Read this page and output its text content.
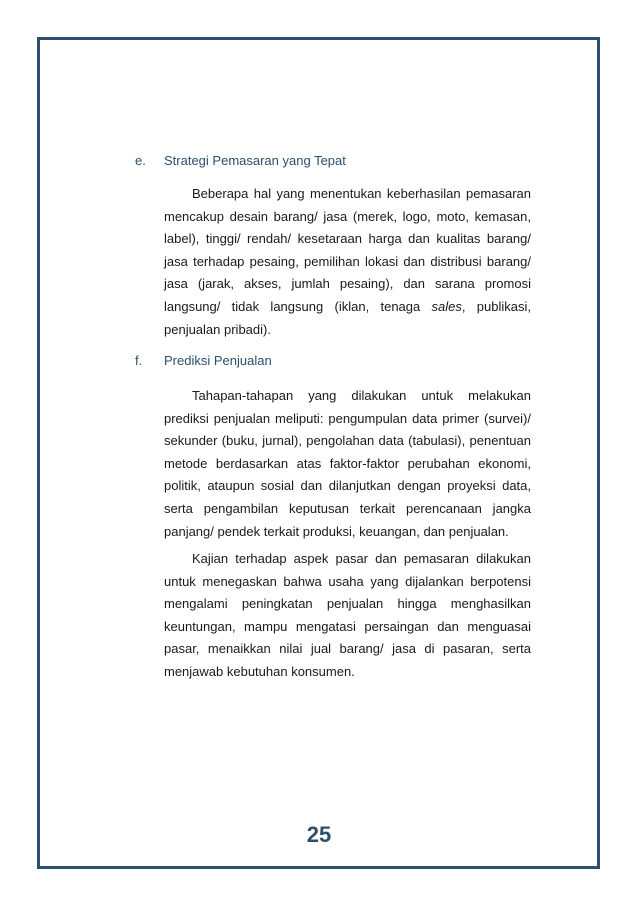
e. Strategi Pemasaran yang Tepat

Beberapa hal yang menentukan keberhasilan pemasaran mencakup desain barang/ jasa (merek, logo, moto, kemasan, label), tinggi/ rendah/ kesetaraan harga dan kualitas barang/ jasa terhadap pesaing, pemilihan lokasi dan distribusi barang/ jasa (jarak, akses, jumlah pesaing), dan sarana promosi langsung/ tidak langsung (iklan, tenaga sales, publikasi, penjualan pribadi).

f. Prediksi Penjualan

Tahapan-tahapan yang dilakukan untuk melakukan prediksi penjualan meliputi: pengumpulan data primer (survei)/ sekunder (buku, jurnal), pengolahan data (tabulasi), penentuan metode berdasarkan atas faktor-faktor perubahan ekonomi, politik, ataupun sosial dan dilanjutkan dengan proyeksi data, serta pengambilan keputusan terkait perencanaan jangka panjang/ pendek terkait produksi, keuangan, dan penjualan.

Kajian terhadap aspek pasar dan pemasaran dilakukan untuk menegaskan bahwa usaha yang dijalankan berpotensi mengalami peningkatan penjualan hingga menghasilkan keuntungan, mampu mengatasi persaingan dan menguasai pasar, menaikkan nilai jual barang/ jasa di pasaran, serta menjawab kebutuhan konsumen.

25
